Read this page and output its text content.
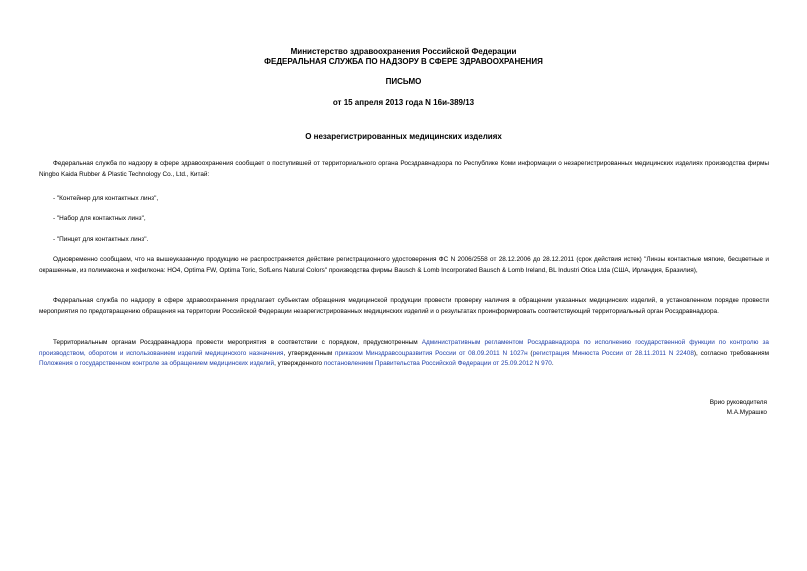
Министерство здравоохранения Российской Федерации
ФЕДЕРАЛЬНАЯ СЛУЖБА ПО НАДЗОРУ В СФЕРЕ ЗДРАВООХРАНЕНИЯ
ПИСЬМО
от 15 апреля 2013 года N 16и-389/13
О незарегистрированных медицинских изделиях
Федеральная служба по надзору в сфере здравоохранения сообщает о поступившей от территориального органа Росздравнадзора по Республике Коми информации о незарегистрированных медицинских изделиях производства фирмы Ningbo Kaida Rubber & Plastic Technology Co., Ltd., Китай:
- "Контейнер для контактных линз",
- "Набор для контактных линз",
- "Пинцет для контактных линз".
Одновременно сообщаем, что на вышеуказанную продукцию не распространяется действие регистрационного удостоверения ФС N 2006/2558 от 28.12.2006 до 28.12.2011 (срок действия истек) "Линзы контактные мягкие, бесцветные и окрашенные, из полимакона и хефилкона: НО4, Optima FW, Optima Toric, SofLens Natural Colors" производства фирмы Bausch & Lomb Incorporated Bausch & Lomb Ireland, BL Industri Otica Ltda (США, Ирландия, Бразилия),
Федеральная служба по надзору в сфере здравоохранения предлагает субъектам обращения медицинской продукции провести проверку наличия в обращении указанных медицинских изделий, в установленном порядке провести мероприятия по предотвращению обращения на территории Российской Федерации незарегистрированных медицинских изделий и о результатах проинформировать соответствующий территориальный орган Росздравнадзора.
Территориальным органам Росздравнадзора провести мероприятия в соответствии с порядком, предусмотренным Административным регламентом Росздравнадзора по исполнению государственной функции по контролю за производством, оборотом и использованием изделий медицинского назначения, утвержденным приказом Минздравсоцразвития России от 08.09.2011 N 1027н (регистрация Минюста России от 28.11.2011 N 22408), согласно требованиям Положения о государственном контроле за обращением медицинских изделий, утвержденного постановлением Правительства Российской Федерации от 25.09.2012 N 970.
Врио руководителя
М.А.Мурашко
